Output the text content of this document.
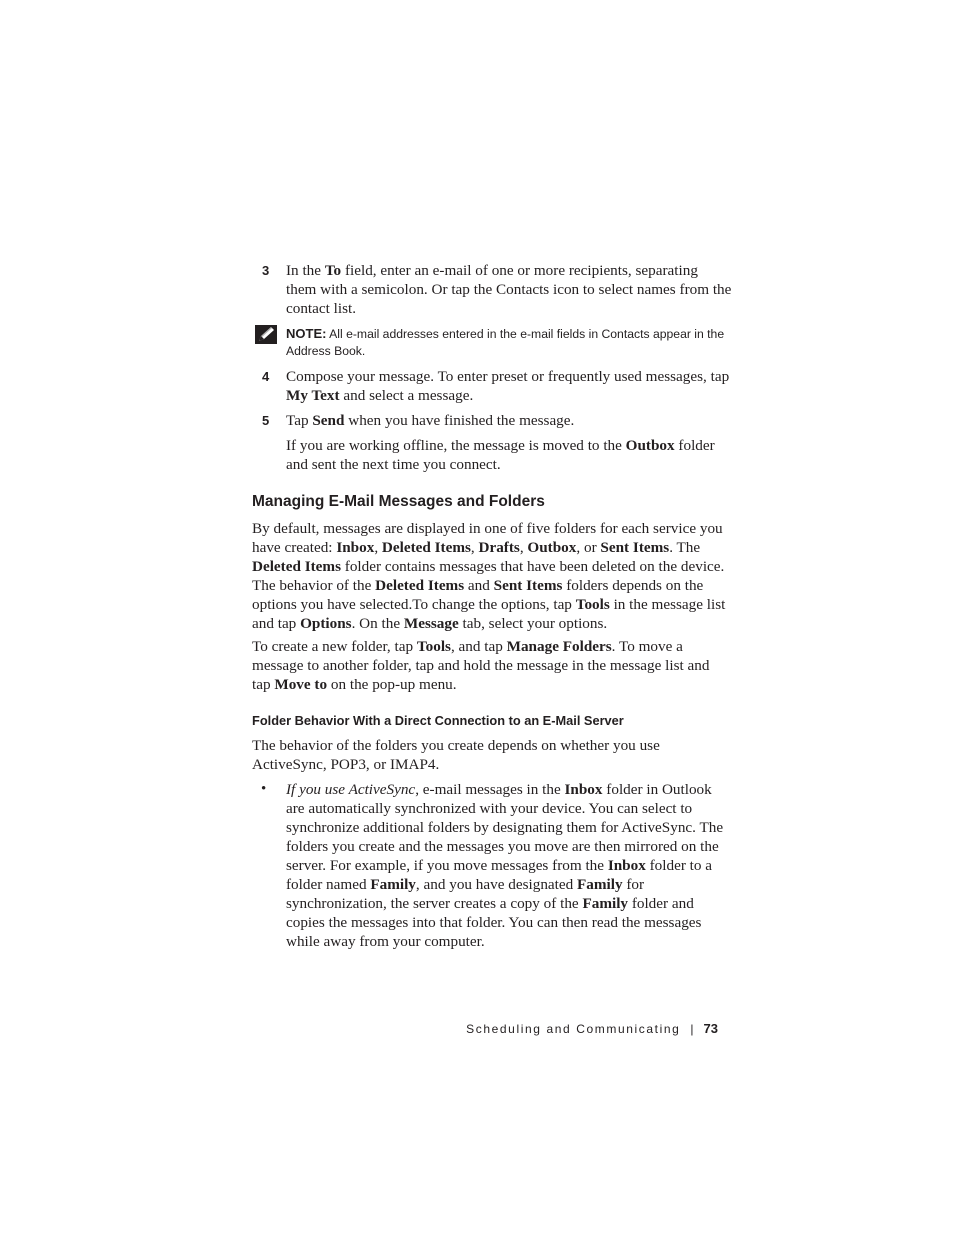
3 In the To field, enter an e-mail of one or more recipients, separating them with a semicolon. Or tap the Contacts icon to select names from the contact list.
NOTE: All e-mail addresses entered in the e-mail fields in Contacts appear in the Address Book.
4 Compose your message. To enter preset or frequently used messages, tap My Text and select a message.
5 Tap Send when you have finished the message.
If you are working offline, the message is moved to the Outbox folder and sent the next time you connect.
Managing E-Mail Messages and Folders
By default, messages are displayed in one of five folders for each service you have created: Inbox, Deleted Items, Drafts, Outbox, or Sent Items. The Deleted Items folder contains messages that have been deleted on the device. The behavior of the Deleted Items and Sent Items folders depends on the options you have selected.To change the options, tap Tools in the message list and tap Options. On the Message tab, select your options.
To create a new folder, tap Tools, and tap Manage Folders. To move a message to another folder, tap and hold the message in the message list and tap Move to on the pop-up menu.
Folder Behavior With a Direct Connection to an E-Mail Server
The behavior of the folders you create depends on whether you use ActiveSync, POP3, or IMAP4.
• If you use ActiveSync, e-mail messages in the Inbox folder in Outlook are automatically synchronized with your device. You can select to synchronize additional folders by designating them for ActiveSync. The folders you create and the messages you move are then mirrored on the server. For example, if you move messages from the Inbox folder to a folder named Family, and you have designated Family for synchronization, the server creates a copy of the Family folder and copies the messages into that folder. You can then read the messages while away from your computer.
Scheduling and Communicating | 73
